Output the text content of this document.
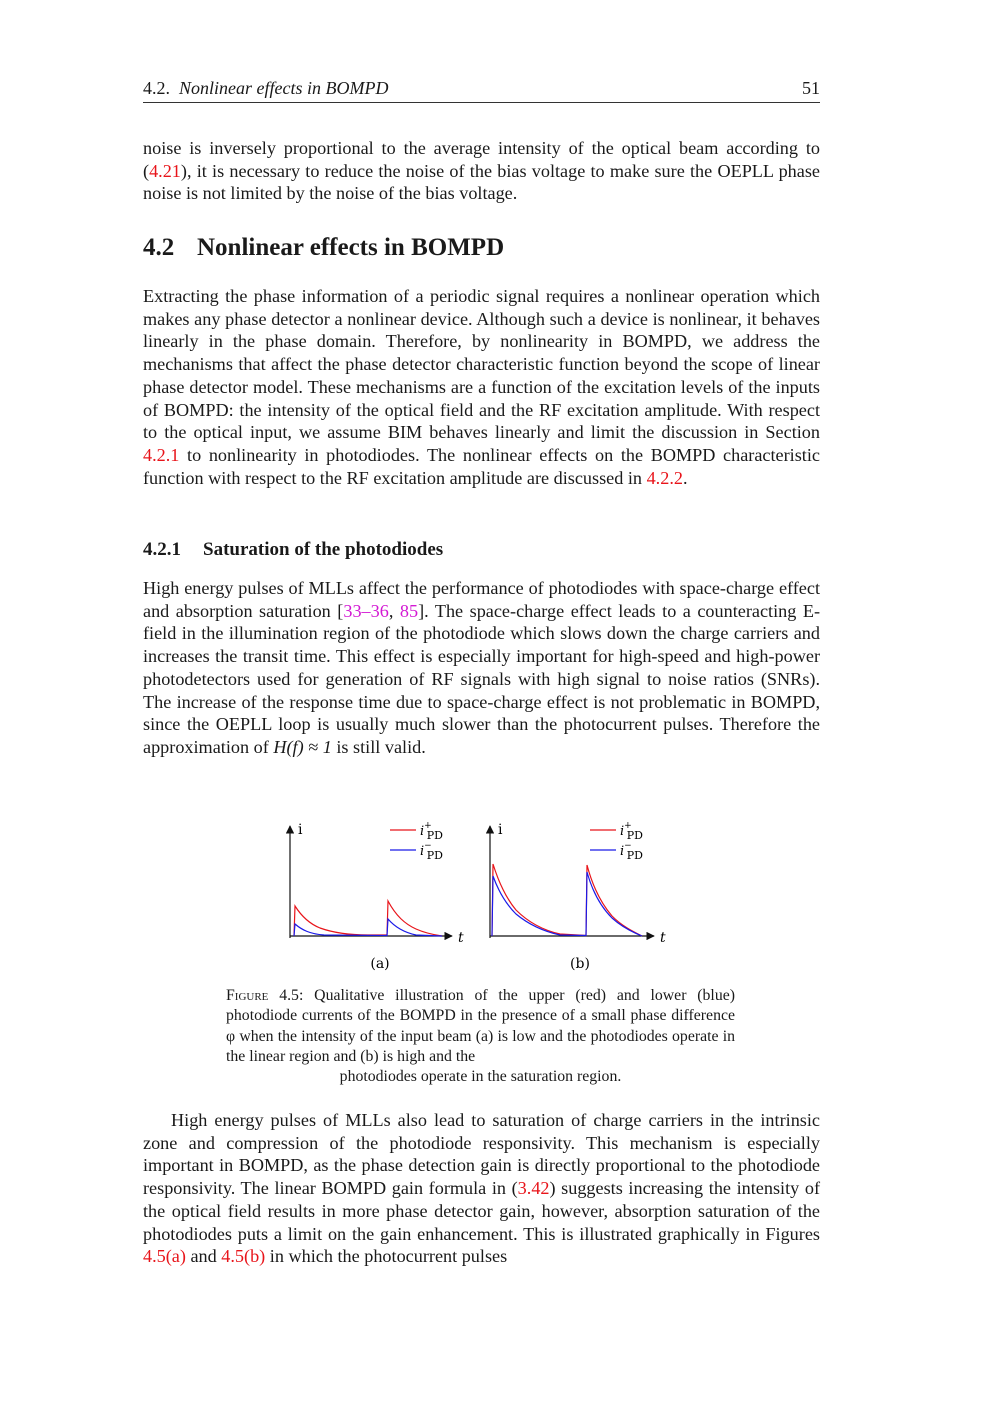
4.2. Nonlinear effects in BOMPD	51

noise is inversely proportional to the average intensity of the optical beam according to (4.21), it is necessary to reduce the noise of the bias voltage to make sure the OEPLL phase noise is not limited by the noise of the bias voltage.

4.2 Nonlinear effects in BOMPD

Extracting the phase information of a periodic signal requires a nonlinear operation which makes any phase detector a nonlinear device. Although such a device is nonlinear, it behaves linearly in the phase domain. Therefore, by nonlinearity in BOMPD, we address the mechanisms that affect the phase detector characteristic function beyond the scope of linear phase detector model. These mechanisms are a function of the excitation levels of the inputs of BOMPD: the intensity of the optical field and the RF excitation amplitude. With respect to the optical input, we assume BIM behaves linearly and limit the discussion in Section 4.2.1 to nonlinearity in photodiodes. The nonlinear effects on the BOMPD characteristic function with respect to the RF excitation amplitude are discussed in 4.2.2.

4.2.1 Saturation of the photodiodes

High energy pulses of MLLs affect the performance of photodiodes with space-charge effect and absorption saturation [33–36, 85]. The space-charge effect leads to a counteracting E-field in the illumination region of the photodiode which slows down the charge carriers and increases the transit time. This effect is especially important for high-speed and high-power photodetectors used for generation of RF signals with high signal to noise ratios (SNRs). The increase of the response time due to space-charge effect is not problematic in BOMPD, since the OEPLL loop is usually much slower than the photocurrent pulses. Therefore the approximation of H(f) ≈ 1 is still valid.

High energy pulses of MLLs also lead to saturation of charge carriers in the intrinsic zone and compression of the photodiode responsivity. This mechanism is especially important in BOMPD, as the phase detection gain is directly proportional to the photodiode responsivity. The linear BOMPD gain formula in (3.42) suggests increasing the intensity of the optical field results in more phase detector gain, however, absorption saturation of the photodiodes puts a limit on the gain enhancement. This is illustrated graphically in Figures 4.5(a) and 4.5(b) in which the photocurrent pulses

i
t
i+ PD
i− PD
(a)
i
t
i+ PD
i− PD
(b)

Figure 4.5: Qualitative illustration of the upper (red) and lower (blue) photodiode currents of the BOMPD in the presence of a small phase difference φ when the intensity of the input beam (a) is low and the photodiodes operate in the linear region and (b) is high and the
photodiodes operate in the saturation region.
